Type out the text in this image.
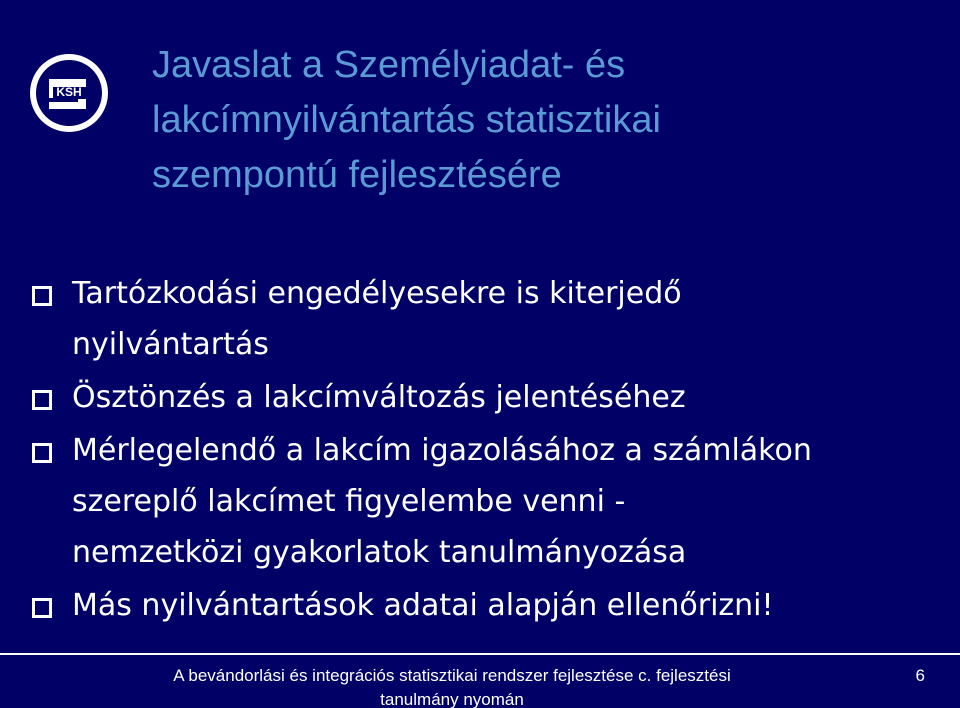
KSH
Javaslat a Személyiadat- és
lakcímnyilvántartás statisztikai
szempontú fejlesztésére
Tartózkodási engedélyesekre is kiterjedő
nyilvántartás
Ösztönzés a lakcímváltozás jelentéséhez
Mérlegelendő a lakcím igazolásához a számlákon
szereplő lakcímet figyelembe venni -
nemzetközi gyakorlatok tanulmányozása
Más nyilvántartások adatai alapján ellenőrizni!
A bevándorlási és integrációs statisztikai rendszer fejlesztése c. fejlesztési
tanulmány nyomán
6
